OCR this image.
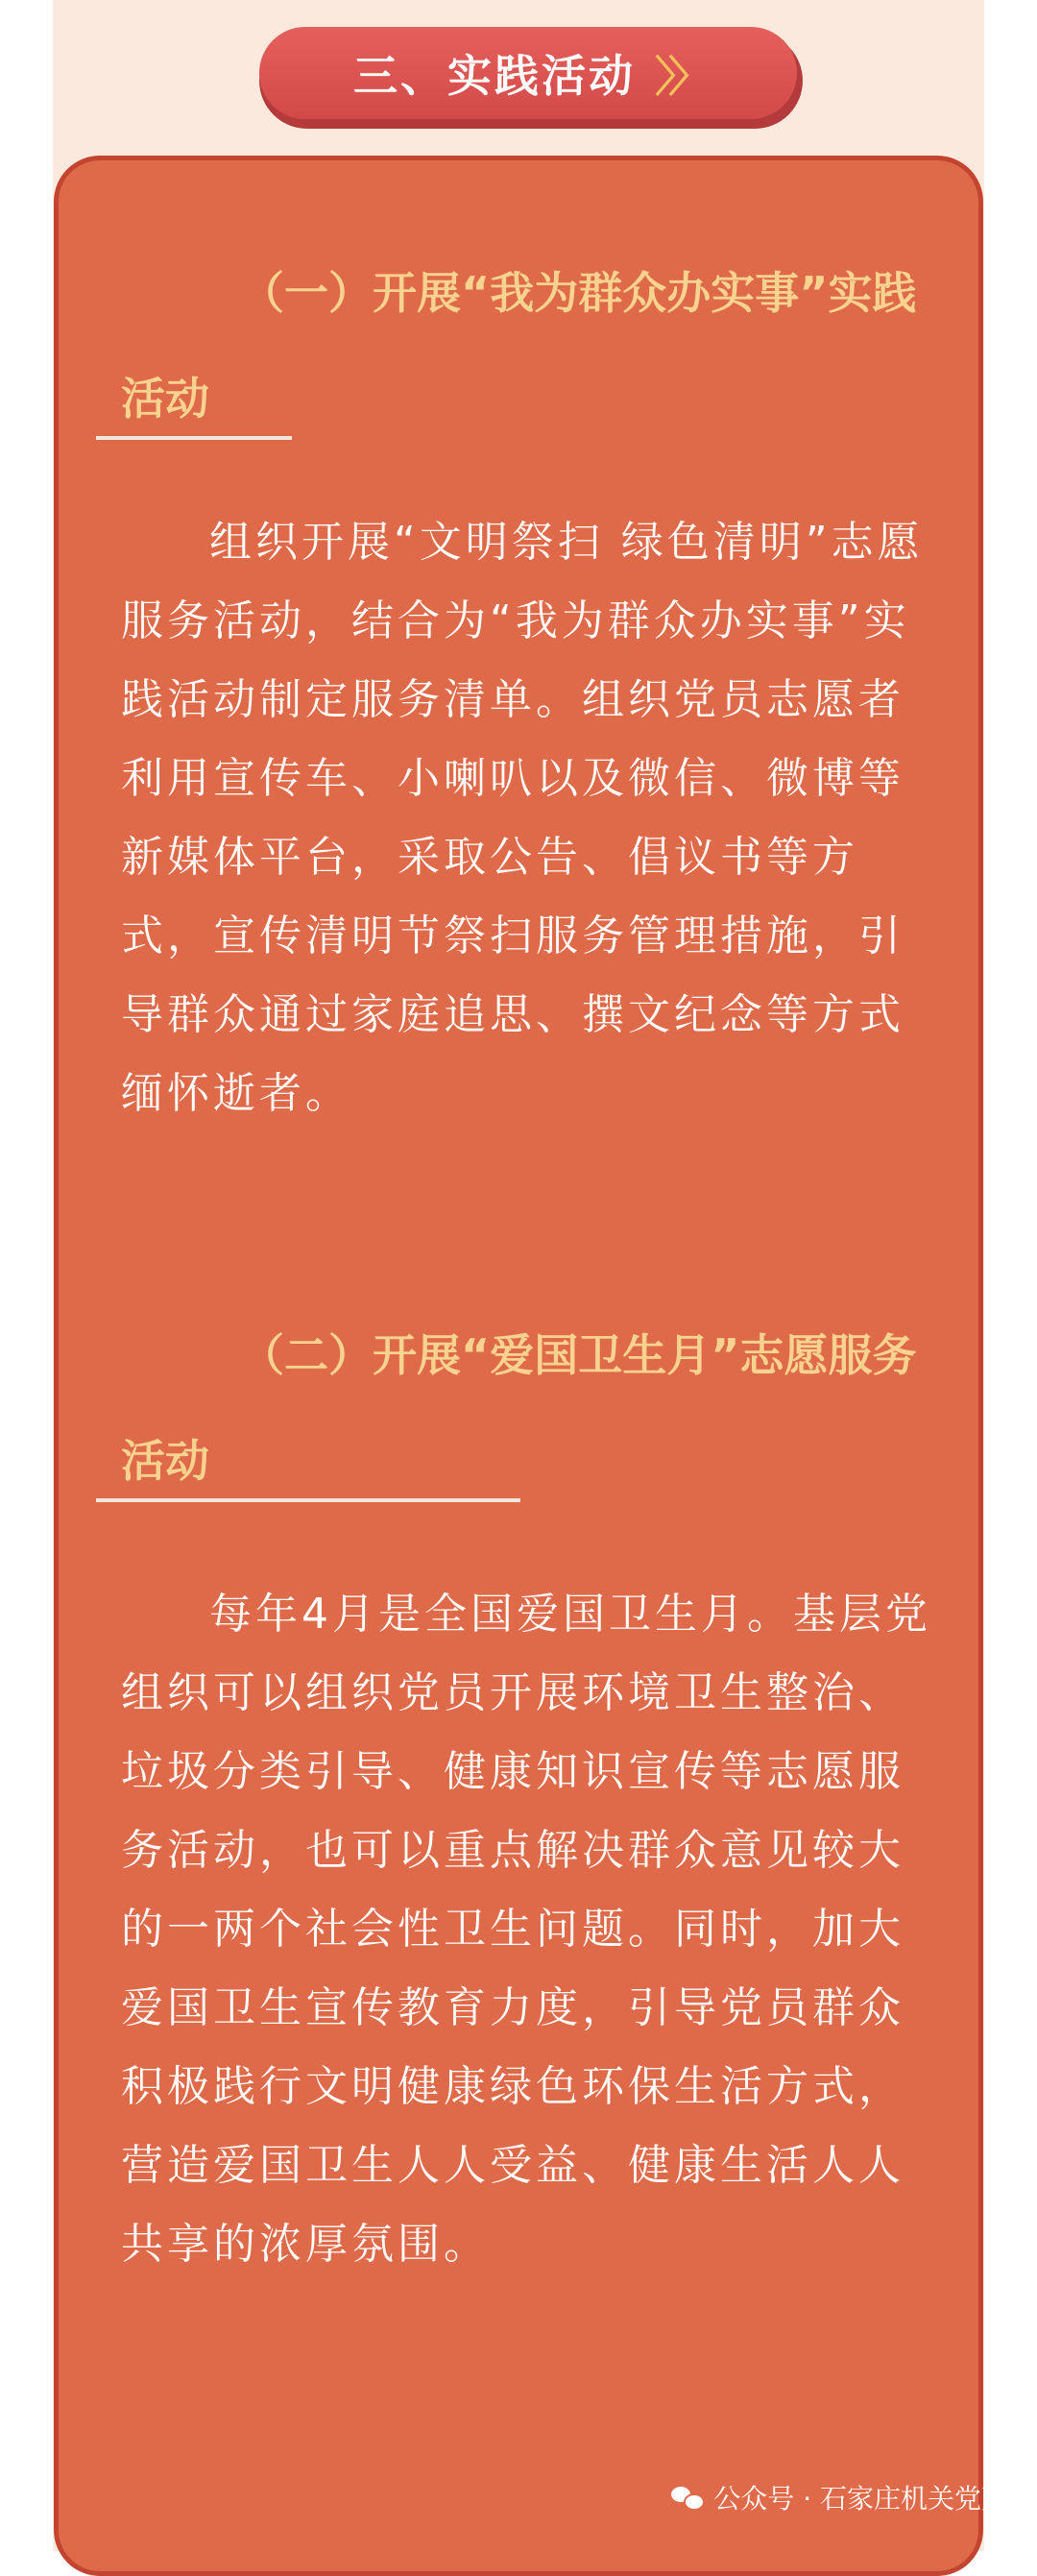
三、实践活动 〉〉

（一）开展“我为群众办实事”实践活动

组织开展“文明祭扫 绿色清明”志愿服务活动，结合为“我为群众办实事”实践活动制定服务清单。组织党员志愿者利用宣传车、小喇叭以及微信、微博等新媒体平台，采取公告、倡议书等方式，宣传清明节祭扫服务管理措施，引导群众通过家庭追思、撰文纪念等方式缅怀逝者。

（二）开展“爱国卫生月”志愿服务活动

每年4月是全国爱国卫生月。基层党组织可以组织党员开展环境卫生整治、垃圾分类引导、健康知识宣传等志愿服务活动，也可以重点解决群众意见较大的一两个社会性卫生问题。同时，加大爱国卫生宣传教育力度，引导党员群众积极践行文明健康绿色环保生活方式，营造爱国卫生人人受益、健康生活人人共享的浓厚氛围。

公众号 · 石家庄机关党建
